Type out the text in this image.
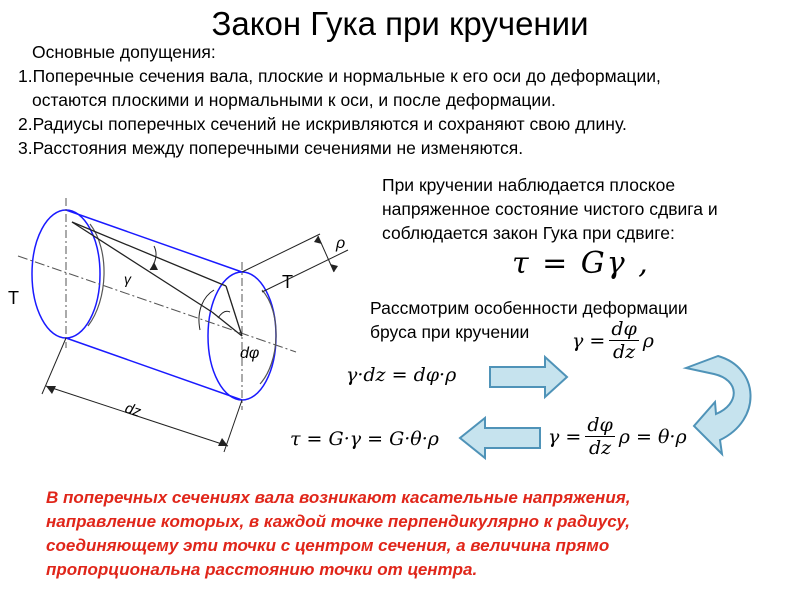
Закон Гука при кручении
Основные допущения:
1.Поперечные сечения вала, плоские и нормальные к его оси до деформации,
остаются плоскими и нормальными к оси, и после деформации.
2.Радиусы поперечных сечений не искривляются и сохраняют свою длину.
3.Расстояния между поперечными сечениями не изменяются.
При кручении наблюдается плоское
напряженное состояние чистого сдвига и
соблюдается закон Гука при сдвиге:
τ = Gγ ,
Рассмотрим особенности деформации
бруса при кручении
γ·dz = dφ·ρ
$\gamma = \frac{d\varphi}{dz}$ ρ
τ = G·γ = G·θ·ρ	$\gamma = \frac{d\varphi}{dz}$ ρ = θ·ρ
T
T
ρ
γ
dφ
dz
В поперечных сечениях вала возникают касательные напряжения,
направление которых, в каждой точке перпендикулярно к радиусу,
соединяющему эти точки с центром сечения, а величина прямо
пропорциональна расстоянию точки от центра.
